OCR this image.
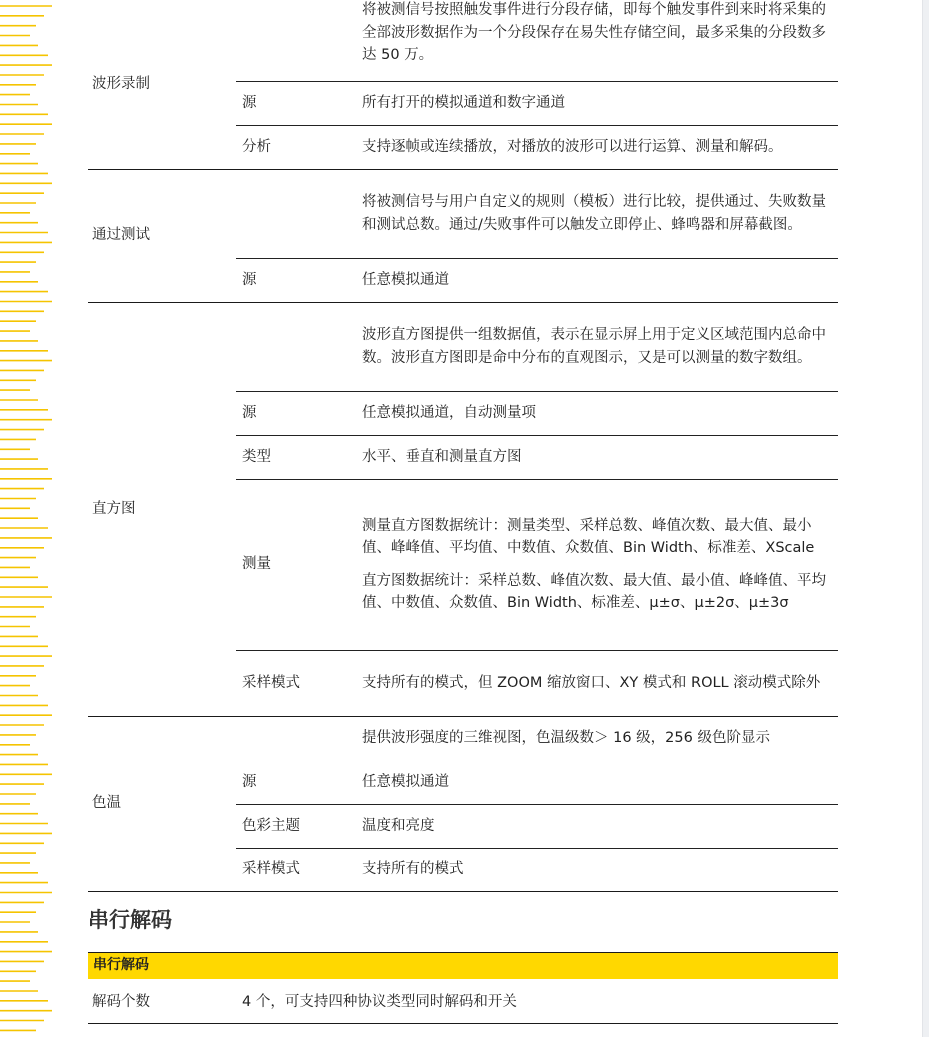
波形录制		将被测信号按照触发事件进行分段存储，即每个触发事件到来时将采集的全部波形数据作为一个分段保存在易失性存储空间，最多采集的分段数多达 50 万。

	源	所有打开的模拟通道和数字通道

	分析	支持逐帧或连续播放，对播放的波形可以进行运算、测量和解码。

通过测试		将被测信号与用户自定义的规则（模板）进行比较，提供通过、失败数量和测试总数。通过/失败事件可以触发立即停止、蜂鸣器和屏幕截图。

	源	任意模拟通道

直方图		波形直方图提供一组数据值，表示在显示屏上用于定义区域范围内总命中数。波形直方图即是命中分布的直观图示，又是可以测量的数字数组。

	源	任意模拟通道，自动测量项

	类型	水平、垂直和测量直方图

	测量	测量直方图数据统计：测量类型、采样总数、峰值次数、最大值、最小值、峰峰值、平均值、中数值、众数值、Bin Width、标准差、XScale
直方图数据统计：采样总数、峰值次数、最大值、最小值、峰峰值、平均值、中数值、众数值、Bin Width、标准差、μ±σ、μ±2σ、μ±3σ

	采样模式	支持所有的模式，但 ZOOM 缩放窗口、XY 模式和 ROLL 滚动模式除外

色温		提供波形强度的三维视图，色温级数＞ 16 级，256 级色阶显示

	源	任意模拟通道

	色彩主题	温度和亮度

	采样模式	支持所有的模式
串行解码
串行解码
解码个数	4 个，可支持四种协议类型同时解码和开关
